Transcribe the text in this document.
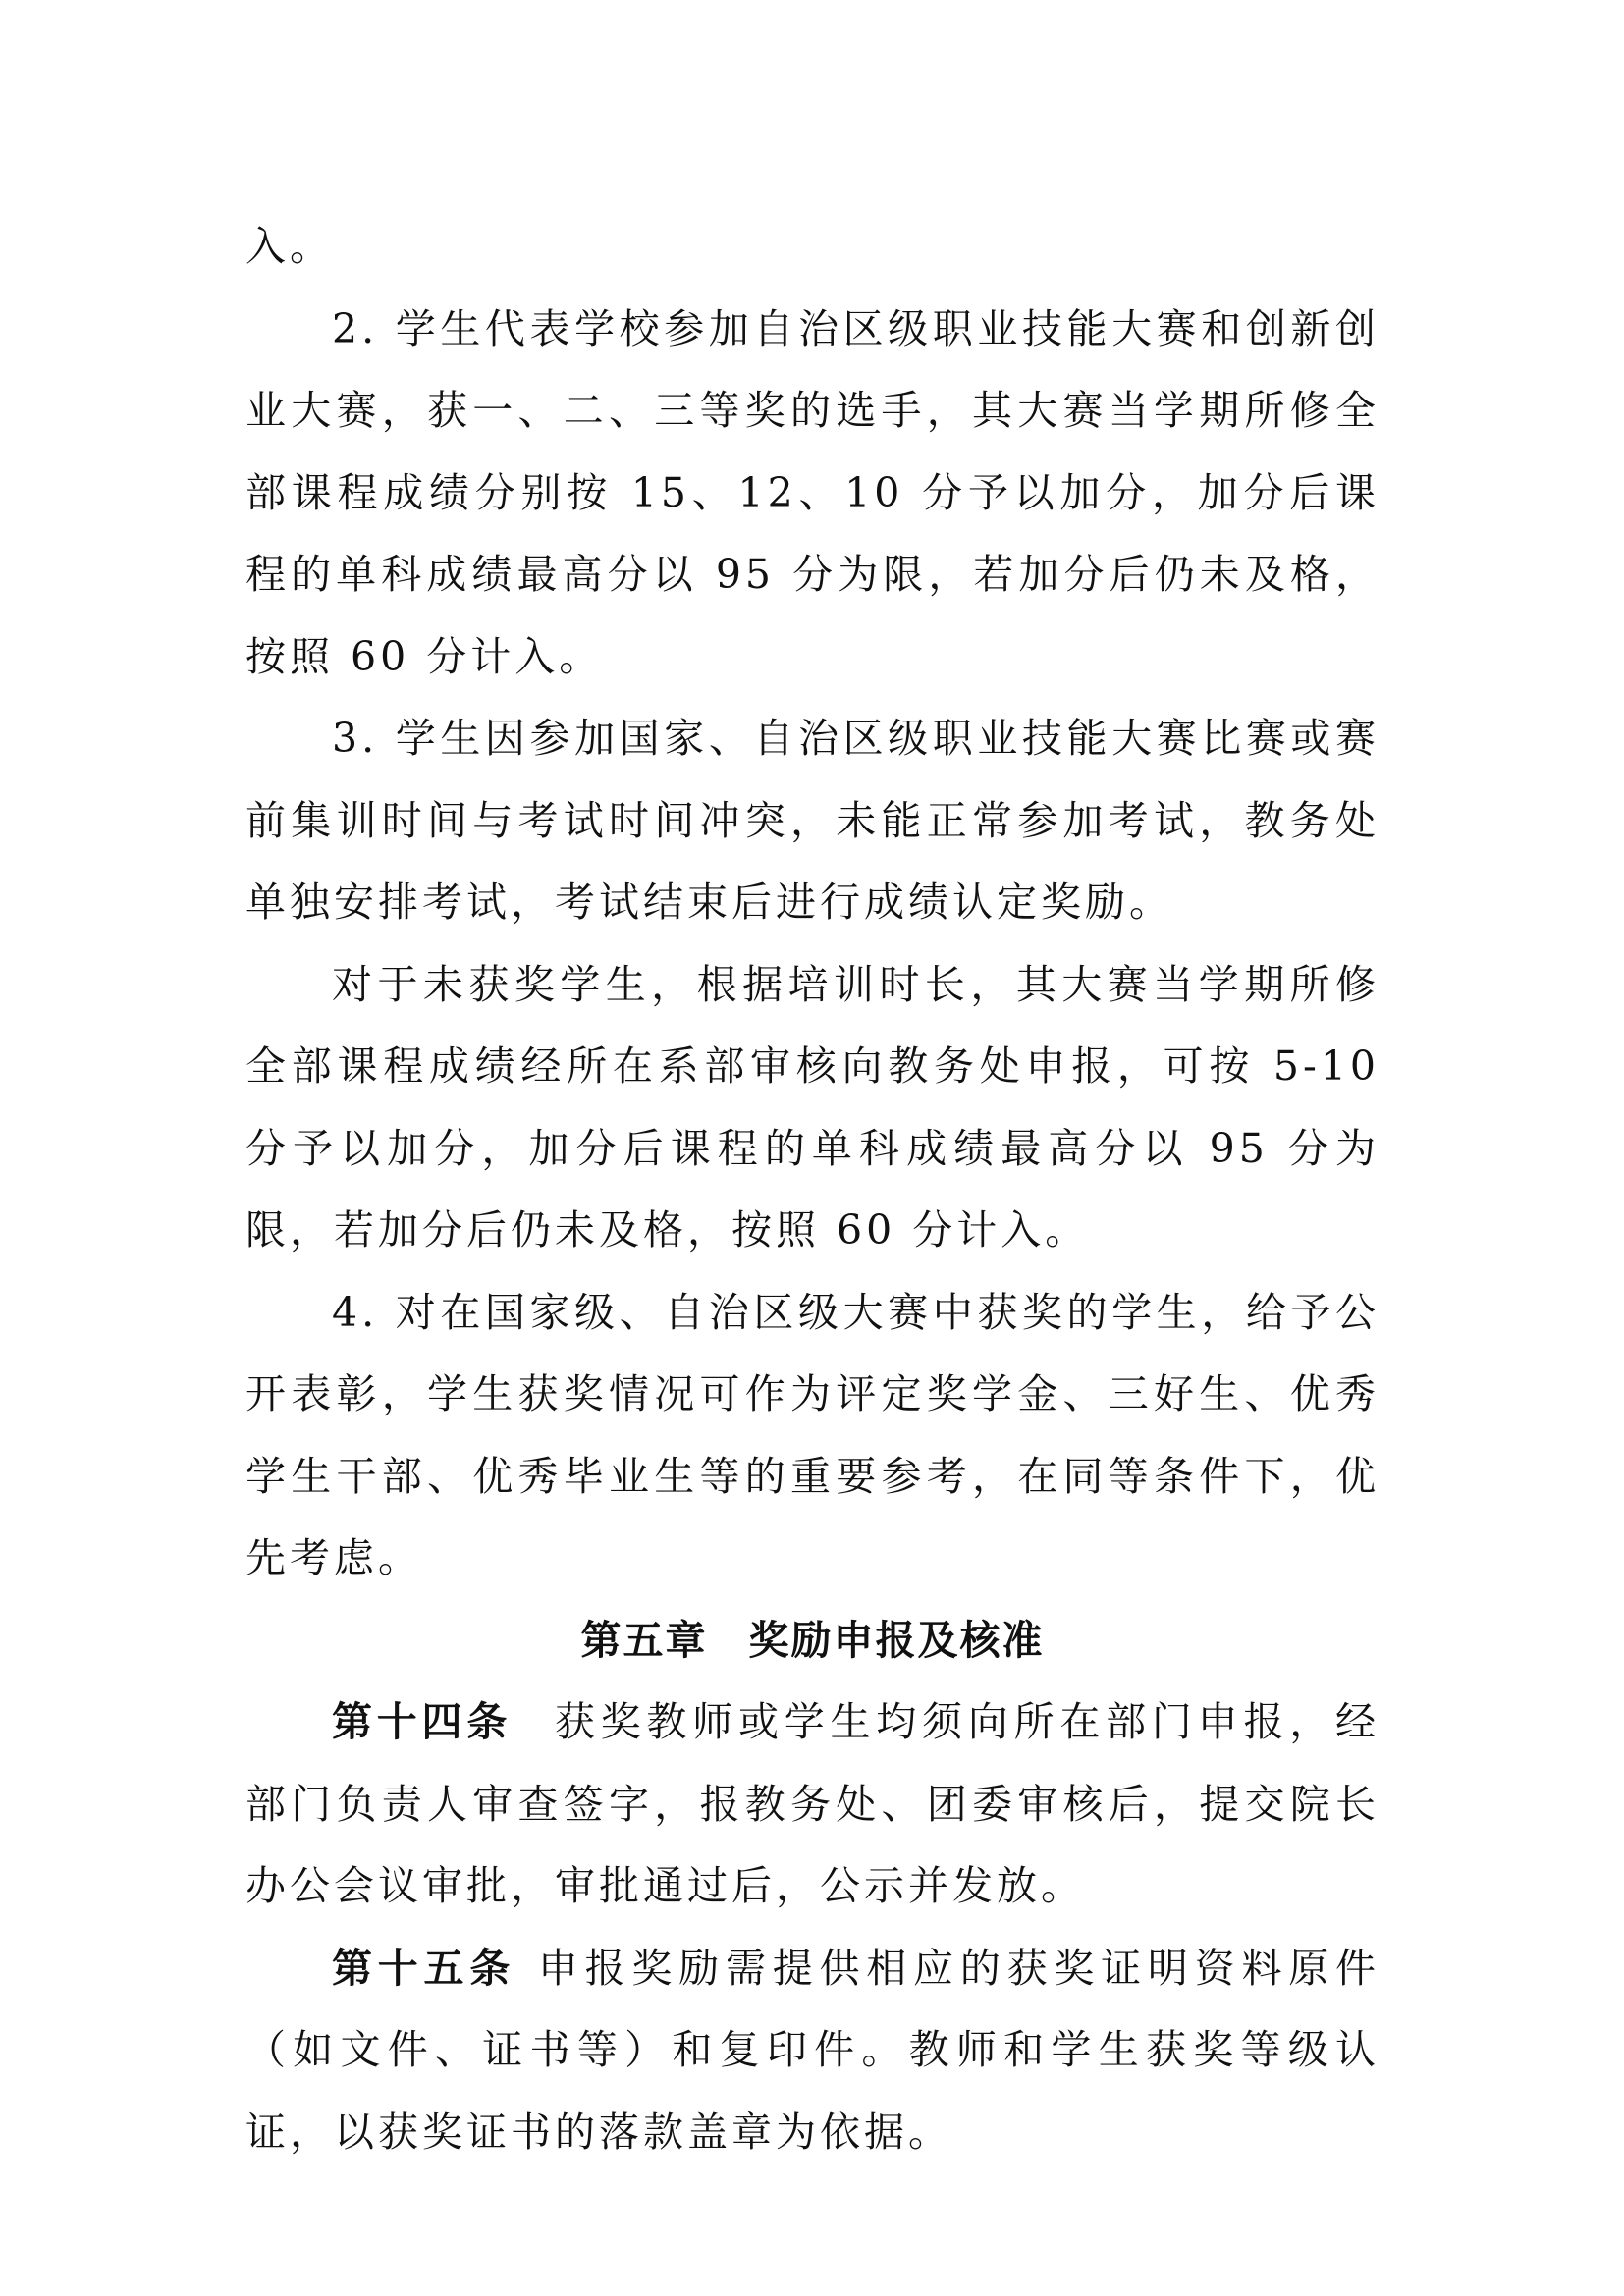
入。

2. 学生代表学校参加自治区级职业技能大赛和创新创业大赛，获一、二、三等奖的选手，其大赛当学期所修全部课程成绩分别按 15、12、10 分予以加分，加分后课程的单科成绩最高分以 95 分为限，若加分后仍未及格，按照 60 分计入。

3. 学生因参加国家、自治区级职业技能大赛比赛或赛前集训时间与考试时间冲突，未能正常参加考试，教务处单独安排考试，考试结束后进行成绩认定奖励。

对于未获奖学生，根据培训时长，其大赛当学期所修全部课程成绩经所在系部审核向教务处申报，可按 5-10 分予以加分，加分后课程的单科成绩最高分以 95 分为限，若加分后仍未及格，按照 60 分计入。

4. 对在国家级、自治区级大赛中获奖的学生，给予公开表彰，学生获奖情况可作为评定奖学金、三好生、优秀学生干部、优秀毕业生等的重要参考，在同等条件下，优先考虑。

第五章 奖励申报及核准

第十四条 获奖教师或学生均须向所在部门申报，经部门负责人审查签字，报教务处、团委审核后，提交院长办公会议审批，审批通过后，公示并发放。

第十五条 申报奖励需提供相应的获奖证明资料原件（如文件、证书等）和复印件。教师和学生获奖等级认证，以获奖证书的落款盖章为依据。
